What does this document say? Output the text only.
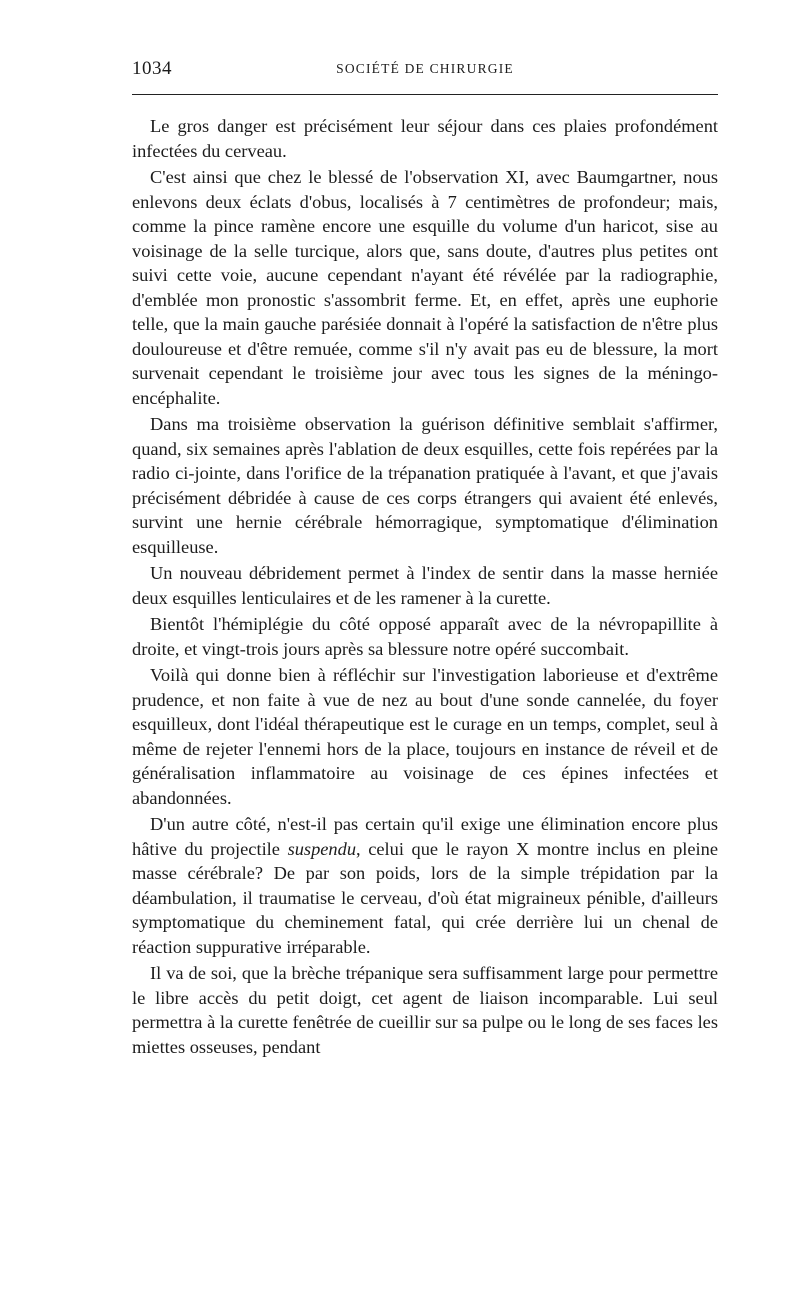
1034	SOCIÉTÉ DE CHIRURGIE

Le gros danger est précisément leur séjour dans ces plaies profondément infectées du cerveau.

C'est ainsi que chez le blessé de l'observation XI, avec Baumgartner, nous enlevons deux éclats d'obus, localisés à 7 centimètres de profondeur; mais, comme la pince ramène encore une esquille du volume d'un haricot, sise au voisinage de la selle turcique, alors que, sans doute, d'autres plus petites ont suivi cette voie, aucune cependant n'ayant été révélée par la radiographie, d'emblée mon pronostic s'assombrit ferme. Et, en effet, après une euphorie telle, que la main gauche parésiée donnait à l'opéré la satisfaction de n'être plus douloureuse et d'être remuée, comme s'il n'y avait pas eu de blessure, la mort survenait cependant le troisième jour avec tous les signes de la méningo-encéphalite.

Dans ma troisième observation la guérison définitive semblait s'affirmer, quand, six semaines après l'ablation de deux esquilles, cette fois repérées par la radio ci-jointe, dans l'orifice de la trépanation pratiquée à l'avant, et que j'avais précisément débridée à cause de ces corps étrangers qui avaient été enlevés, survint une hernie cérébrale hémorragique, symptomatique d'élimination esquilleuse.

Un nouveau débridement permet à l'index de sentir dans la masse herniée deux esquilles lenticulaires et de les ramener à la curette.

Bientôt l'hémiplégie du côté opposé apparaît avec de la névropapillite à droite, et vingt-trois jours après sa blessure notre opéré succombait.

Voilà qui donne bien à réfléchir sur l'investigation laborieuse et d'extrême prudence, et non faite à vue de nez au bout d'une sonde cannelée, du foyer esquilleux, dont l'idéal thérapeutique est le curage en un temps, complet, seul à même de rejeter l'ennemi hors de la place, toujours en instance de réveil et de généralisation inflammatoire au voisinage de ces épines infectées et abandonnées.

D'un autre côté, n'est-il pas certain qu'il exige une élimination encore plus hâtive du projectile suspendu, celui que le rayon X montre inclus en pleine masse cérébrale? De par son poids, lors de la simple trépidation par la déambulation, il traumatise le cerveau, d'où état migraineux pénible, d'ailleurs symptomatique du cheminement fatal, qui crée derrière lui un chenal de réaction suppurative irréparable.

Il va de soi, que la brèche trépanique sera suffisamment large pour permettre le libre accès du petit doigt, cet agent de liaison incomparable. Lui seul permettra à la curette fenêtrée de cueillir sur sa pulpe ou le long de ses faces les miettes osseuses, pendant
